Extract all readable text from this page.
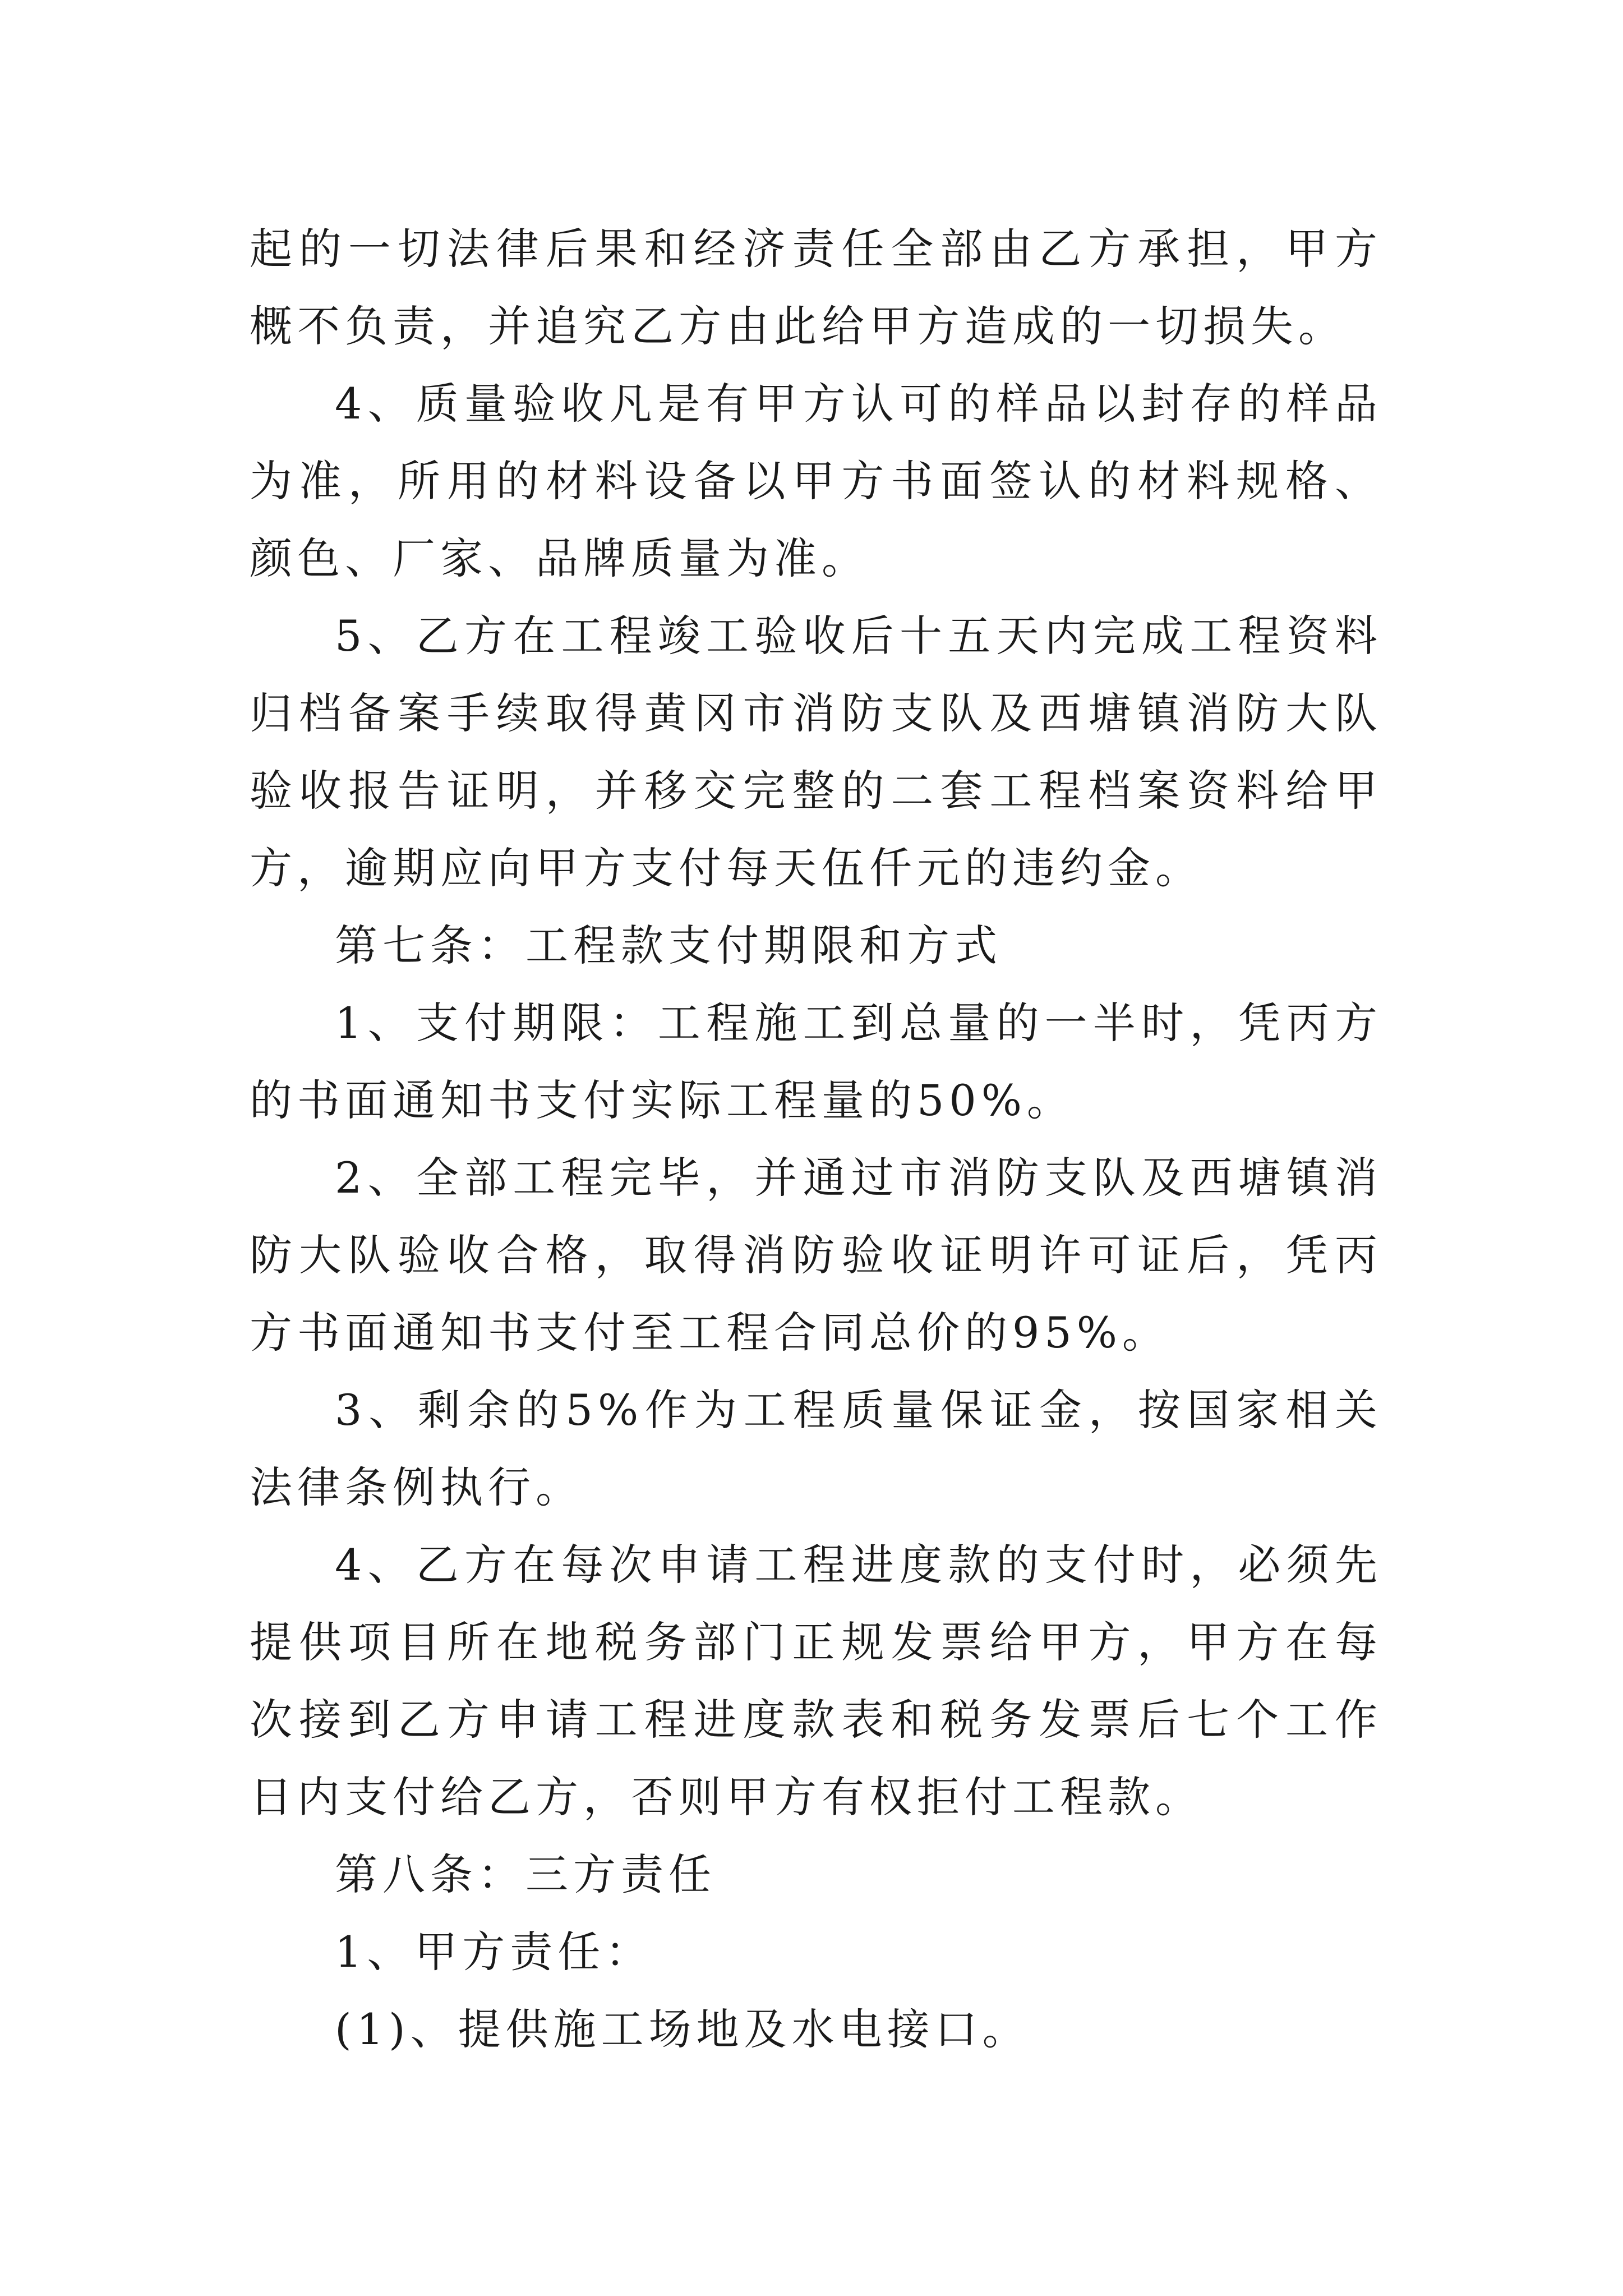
起的一切法律后果和经济责任全部由乙方承担，甲方概不负责，并追究乙方由此给甲方造成的一切损失。

4、质量验收凡是有甲方认可的样品以封存的样品为准，所用的材料设备以甲方书面签认的材料规格、颜色、厂家、品牌质量为准。

5、乙方在工程竣工验收后十五天内完成工程资料归档备案手续取得黄冈市消防支队及西塘镇消防大队验收报告证明，并移交完整的二套工程档案资料给甲方，逾期应向甲方支付每天伍仟元的违约金。

第七条：工程款支付期限和方式

1、支付期限：工程施工到总量的一半时，凭丙方的书面通知书支付实际工程量的50%。

2、全部工程完毕，并通过市消防支队及西塘镇消防大队验收合格，取得消防验收证明许可证后，凭丙方书面通知书支付至工程合同总价的95%。

3、剩余的5%作为工程质量保证金，按国家相关法律条例执行。

4、乙方在每次申请工程进度款的支付时，必须先提供项目所在地税务部门正规发票给甲方，甲方在每次接到乙方申请工程进度款表和税务发票后七个工作日内支付给乙方，否则甲方有权拒付工程款。

第八条：三方责任

1、甲方责任：

(1)、提供施工场地及水电接口。
